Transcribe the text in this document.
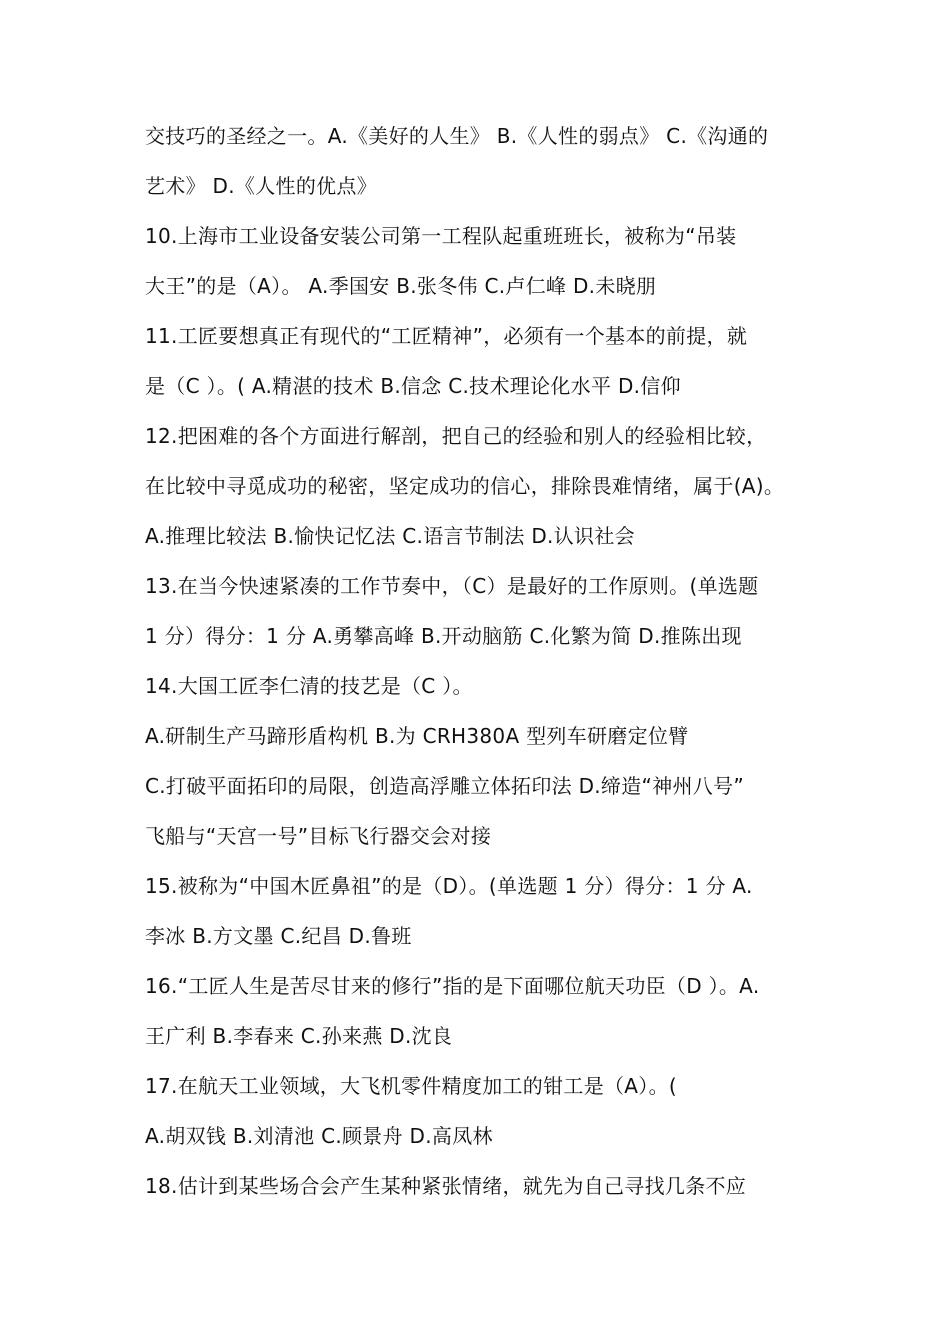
交技巧的圣经之一。A.《美好的人生》 B.《人性的弱点》 C.《沟通的
艺术》 D.《人性的优点》
10.上海市工业设备安装公司第一工程队起重班班长，被称为“吊装
大王”的是（A）。 A.季国安 B.张冬伟 C.卢仁峰 D.未晓朋
11.工匠要想真正有现代的“工匠精神”，必须有一个基本的前提，就
是（C ）。( A.精湛的技术 B.信念 C.技术理论化水平 D.信仰
12.把困难的各个方面进行解剖，把自己的经验和别人的经验相比较，
在比较中寻觅成功的秘密，坚定成功的信心，排除畏难情绪，属于(A)。
A.推理比较法 B.愉快记忆法 C.语言节制法 D.认识社会
13.在当今快速紧凑的工作节奏中，（C）是最好的工作原则。(单选题
1 分）得分：1 分 A.勇攀高峰 B.开动脑筋 C.化繁为简 D.推陈出现
14.大国工匠李仁清的技艺是（C ）。
A.研制生产马蹄形盾构机 B.为 CRH380A 型列车研磨定位臂
C.打破平面拓印的局限，创造高浮雕立体拓印法 D.缔造“神州八号”
飞船与“天宫一号”目标飞行器交会对接
15.被称为“中国木匠鼻祖”的是（D）。(单选题 1 分）得分：1 分 A.
李冰 B.方文墨 C.纪昌 D.鲁班
16.“工匠人生是苦尽甘来的修行”指的是下面哪位航天功臣（D ）。A.
王广利 B.李春来 C.孙来燕 D.沈良
17.在航天工业领域，大飞机零件精度加工的钳工是（A）。(
A.胡双钱 B.刘清池 C.顾景舟 D.高凤林
18.估计到某些场合会产生某种紧张情绪，就先为自己寻找几条不应
